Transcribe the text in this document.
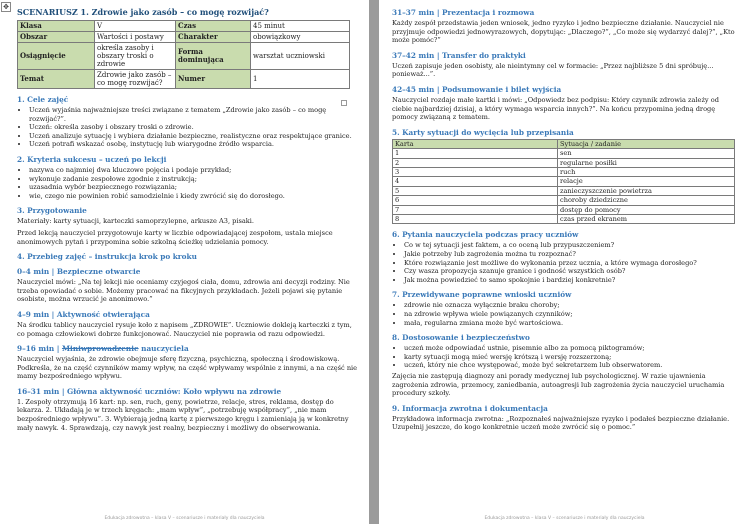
✥ SCENARIUSZ 1. Zdrowie jako zasób – co mogę rozwijać?
Klasa	V	Czas	45 minut
Obszar	Wartości i postawy	Charakter	obowiązkowy
Osiągnięcie	określa zasoby i obszary troski o zdrowie	Forma dominująca	warsztat uczniowski
Temat	Zdrowie jako zasób – co mogę rozwijać?	Numer	1
1. Cele zajęć
• Uczeń wyjaśnia najważniejsze treści związane z tematem „Zdrowie jako zasób – co mogę rozwijać?”.
• Uczeń: określa zasoby i obszary troski o zdrowie.
• Uczeń analizuje sytuację i wybiera działanie bezpieczne, realistyczne oraz respektujące granice.
• Uczeń potrafi wskazać osobę, instytucję lub wiarygodne źródło wsparcia.
2. Kryteria sukcesu – uczeń po lekcji
• nazywa co najmniej dwa kluczowe pojęcia i podaje przykład;
• wykonuje zadanie zespołowe zgodnie z instrukcją;
• uzasadnia wybór bezpiecznego rozwiązania;
• wie, czego nie powinien robić samodzielnie i kiedy zwrócić się do dorosłego.
3. Przygotowanie

Materiały: karty sytuacji, karteczki samoprzylepne, arkusze A3, pisaki.

Przed lekcją nauczyciel przygotowuje karty w liczbie odpowiadającej zespołom, ustala miejsce anonimowych pytań i przypomina sobie szkolną ścieżkę udzielania pomocy.

4. Przebieg zajęć – instrukcja krok po kroku
0–4 min | Bezpieczne otwarcie

Nauczyciel mówi: „Na tej lekcji nie oceniamy czyjegoś ciała, domu, zdrowia ani decyzji rodziny. Nie trzeba opowiadać o sobie. Możemy pracować na fikcyjnych przykładach. Jeżeli pojawi się pytanie osobiste, można wrzucić je anonimowo.”

4–9 min | Aktywność otwierająca

Na środku tablicy nauczyciel rysuje koło z napisem „ZDROWIE”. Uczniowie dokleją karteczki z tym, co pomaga człowiekowi dobrze funkcjonować. Nauczyciel nie poprawia od razu odpowiedzi.

9–16 min | Miniwprowadzenie nauczyciela

Nauczyciel wyjaśnia, że zdrowie obejmuje sferę fizyczną, psychiczną, społeczną i środowiskową. Podkreśla, że na część czynników mamy wpływ, na część wpływamy wspólnie z innymi, a na część nie mamy bezpośredniego wpływu.

16–31 min | Główna aktywność uczniów: Koło wpływu na zdrowie

1. Zespoły otrzymują 16 kart: np. sen, ruch, geny, powietrze, relacje, stres, reklama, dostęp do lekarza. 2. Układają je w trzech kręgach: „mam wpływ”, „potrzebuję współpracy”, „nie mam bezpośredniego wpływu”. 3. Wybierają jedną kartę z pierwszego kręgu i zamieniają ją w konkretny mały nawyk. 4. Sprawdzają, czy nawyk jest realny, bezpieczny i możliwy do obserwowania.

Edukacja zdrowotna – klasa V – scenariusze i materiały dla nauczyciela
31–37 min | Prezentacja i rozmowa

Każdy zespół przedstawia jeden wniosek, jedno ryzyko i jedno bezpieczne działanie. Nauczyciel nie przyjmuje odpowiedzi jednowyrazowych, dopytując: „Dlaczego?”, „Co może się wydarzyć dalej?”, „Kto może pomóc?”

37–42 min | Transfer do praktyki

Uczeń zapisuje jeden osobisty, ale nieintymny cel w formacie: „Przez najbliższe 5 dni spróbuję... ponieważ...”.

42–45 min | Podsumowanie i bilet wyjścia

Nauczyciel rozdaje małe kartki i mówi: „Odpowiedz bez podpisu: Który czynnik zdrowia zależy od ciebie najbardziej dzisiaj, a który wymaga wsparcia innych?”. Na końcu przypomina jedną drogę pomocy związaną z tematem.

5. Karty sytuacji do wycięcia lub przepisania
Karta	Sytuacja / zadanie
1	sen
2	regularne posiłki
3	ruch
4	relacje
5	zanieczyszczenie powietrza
6	choroby dziedziczne
7	dostęp do pomocy
8	czas przed ekranem
6. Pytania nauczyciela podczas pracy uczniów
• Co w tej sytuacji jest faktem, a co oceną lub przypuszczeniem?
• Jakie potrzeby lub zagrożenia można tu rozpoznać?
• Które rozwiązanie jest możliwe do wykonania przez ucznia, a które wymaga dorosłego?
• Czy wasza propozycja szanuje granice i godność wszystkich osób?
• Jak można powiedzieć to samo spokojnie i bardziej konkretnie?
7. Przewidywane poprawne wnioski uczniów
• zdrowie nie oznacza wyłącznie braku choroby;
• na zdrowie wpływa wiele powiązanych czynników;
• mała, regularna zmiana może być wartościowa.
8. Dostosowanie i bezpieczeństwo
• uczeń może odpowiadać ustnie, pisemnie albo za pomocą piktogramów;
• karty sytuacji mogą mieć wersję krótszą i wersję rozszerzoną;
• uczeń, który nie chce występować, może być sekretarzem lub obserwatorem.

Zajęcia nie zastępują diagnozy ani porady medycznej lub psychologicznej. W razie ujawnienia zagrożenia zdrowia, przemocy, zaniedbania, autoagresji lub zagrożenia życia nauczyciel uruchamia procedury szkoły.

9. Informacja zwrotna i dokumentacja

Przykładowa informacja zwrotna: „Rozpoznałeś najważniejsze ryzyko i podałeś bezpieczne działanie. Uzupełnij jeszcze, do kogo konkretnie uczeń może zwrócić się o pomoc.”

Edukacja zdrowotna – klasa V – scenariusze i materiały dla nauczyciela
